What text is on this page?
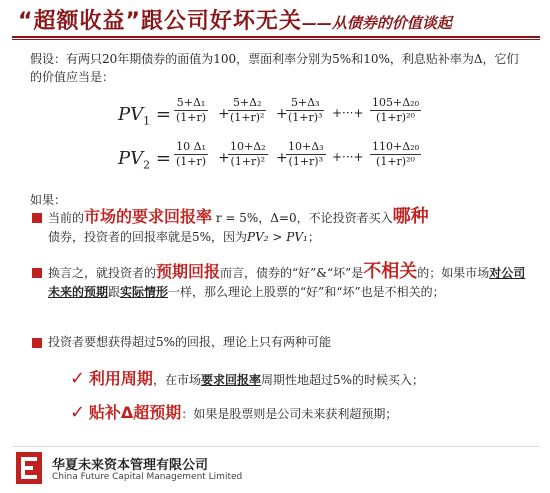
“超额收益”跟公司好坏无关——从债券的价值谈起
假设：有两只20年期债券的面值为100，票面利率分别为5%和10%，利息贴补率为Δ，它们的价值应当是：
$PV_1 = \frac{\text{5+Δ₁}}{(1+r)}$ +
$\frac{\text{5+Δ₂}}{\text{(1+r)²}}$ +
$\frac{\text{5+Δ₃}}{\text{(1+r)³}}$ +···+ $\frac{\text{105+Δ₂₀}}{\text{(1+r)²⁰}}$
$PV_2 = \frac{\text{10 Δ₁}}{(1+r)}$ +
$\frac{\text{10+Δ₂}}{\text{(1+r)²}}$ +
$\frac{\text{10+Δ₃}}{\text{(1+r)³}}$ +···+ $\frac{\text{110+Δ₂₀}}{\text{(1+r)²⁰}}$
如果：
当前的市场的要求回报率 r = 5%，Δ=0，不论投资者买入哪种
债券，投资者的回报率就是5%，因为PV₂ > PV₁；
换言之，就投资者的预期回报而言，债券的“好”&“坏”是不相关的；如果市场对公司未来的预期跟实际情形一样，那么理论上股票的“好”和“坏”也是不相关的；
投资者要想获得超过5%的回报，理论上只有两种可能
✓ 利用周期，在市场要求回报率周期性地超过5%的时候买入；
✓ 贴补Δ超预期：如果是股票则是公司未来获利超预期；
华夏未来资本管理有限公司
China Future Capital Management Limited
